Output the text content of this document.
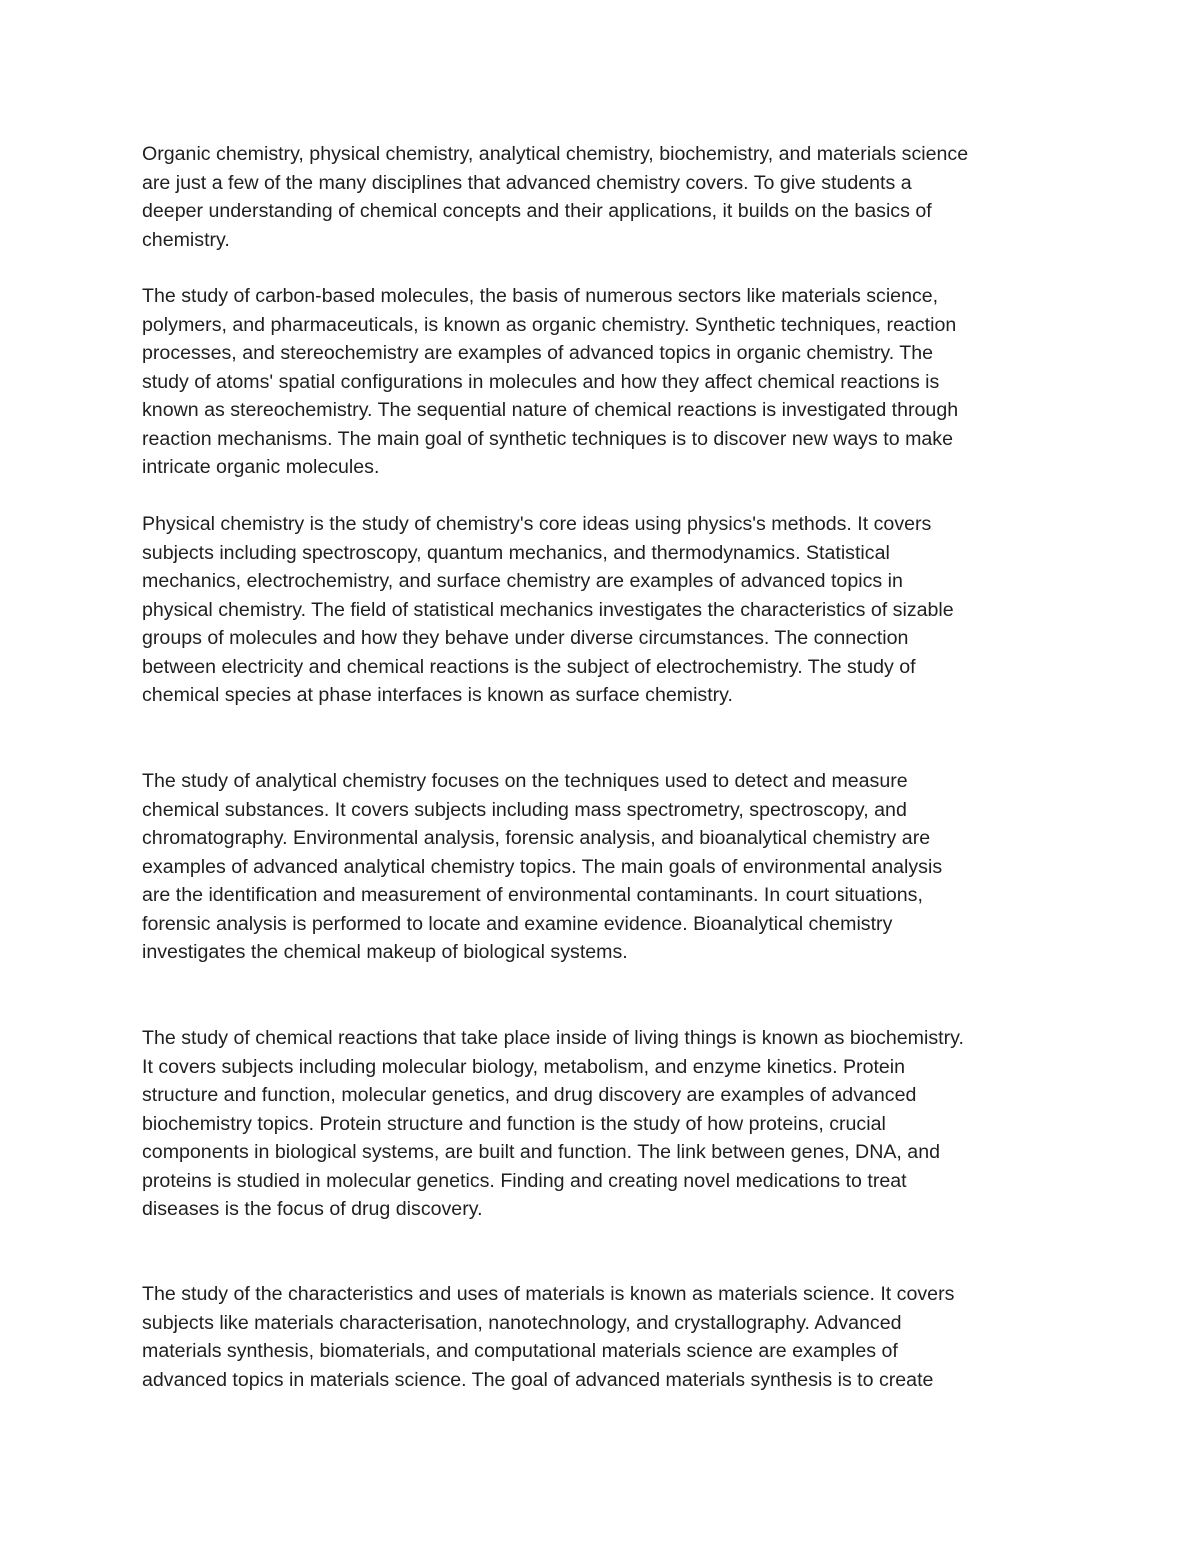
Organic chemistry, physical chemistry, analytical chemistry, biochemistry, and materials science
are just a few of the many disciplines that advanced chemistry covers. To give students a
deeper understanding of chemical concepts and their applications, it builds on the basics of
chemistry.
The study of carbon-based molecules, the basis of numerous sectors like materials science,
polymers, and pharmaceuticals, is known as organic chemistry. Synthetic techniques, reaction
processes, and stereochemistry are examples of advanced topics in organic chemistry. The
study of atoms' spatial configurations in molecules and how they affect chemical reactions is
known as stereochemistry. The sequential nature of chemical reactions is investigated through
reaction mechanisms. The main goal of synthetic techniques is to discover new ways to make
intricate organic molecules.
Physical chemistry is the study of chemistry's core ideas using physics's methods. It covers
subjects including spectroscopy, quantum mechanics, and thermodynamics. Statistical
mechanics, electrochemistry, and surface chemistry are examples of advanced topics in
physical chemistry. The field of statistical mechanics investigates the characteristics of sizable
groups of molecules and how they behave under diverse circumstances. The connection
between electricity and chemical reactions is the subject of electrochemistry. The study of
chemical species at phase interfaces is known as surface chemistry.
The study of analytical chemistry focuses on the techniques used to detect and measure
chemical substances. It covers subjects including mass spectrometry, spectroscopy, and
chromatography. Environmental analysis, forensic analysis, and bioanalytical chemistry are
examples of advanced analytical chemistry topics. The main goals of environmental analysis
are the identification and measurement of environmental contaminants. In court situations,
forensic analysis is performed to locate and examine evidence. Bioanalytical chemistry
investigates the chemical makeup of biological systems.
The study of chemical reactions that take place inside of living things is known as biochemistry.
It covers subjects including molecular biology, metabolism, and enzyme kinetics. Protein
structure and function, molecular genetics, and drug discovery are examples of advanced
biochemistry topics. Protein structure and function is the study of how proteins, crucial
components in biological systems, are built and function. The link between genes, DNA, and
proteins is studied in molecular genetics. Finding and creating novel medications to treat
diseases is the focus of drug discovery.
The study of the characteristics and uses of materials is known as materials science. It covers
subjects like materials characterisation, nanotechnology, and crystallography. Advanced
materials synthesis, biomaterials, and computational materials science are examples of
advanced topics in materials science. The goal of advanced materials synthesis is to create
